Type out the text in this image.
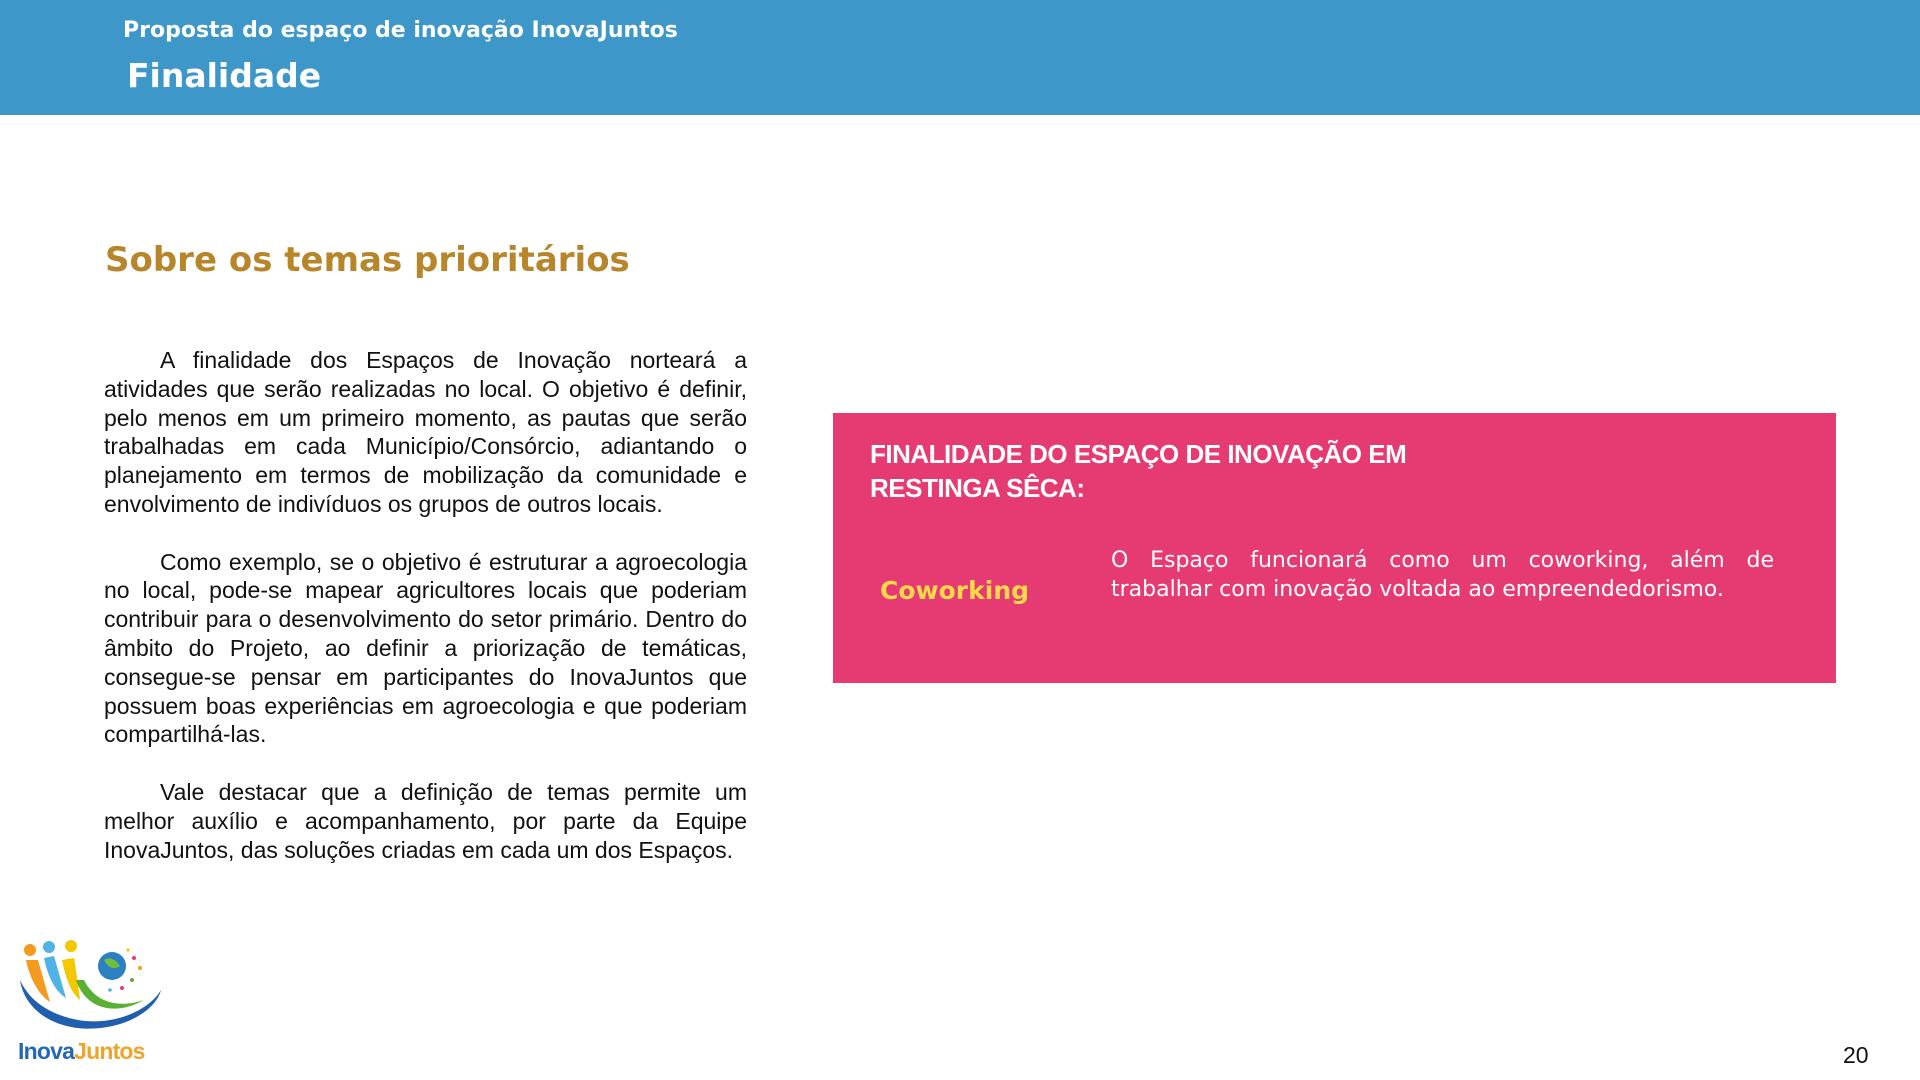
Proposta do espaço de inovação InovaJuntos
Finalidade
Sobre os temas prioritários

A finalidade dos Espaços de Inovação norteará a atividades que serão realizadas no local. O objetivo é definir, pelo menos em um primeiro momento, as pautas que serão trabalhadas em cada Município/Consórcio, adiantando o planejamento em termos de mobilização da comunidade e envolvimento de indivíduos os grupos de outros locais.

Como exemplo, se o objetivo é estruturar a agroecologia no local, pode-se mapear agricultores locais que poderiam contribuir para o desenvolvimento do setor primário. Dentro do âmbito do Projeto, ao definir a priorização de temáticas, consegue-se pensar em participantes do InovaJuntos que possuem boas experiências em agroecologia e que poderiam compartilhá-las.

Vale destacar que a definição de temas permite um melhor auxílio e acompanhamento, por parte da Equipe InovaJuntos, das soluções criadas em cada um dos Espaços.

FINALIDADE DO ESPAÇO DE INOVAÇÃO EM RESTINGA SÊCA:
Coworking
O Espaço funcionará como um coworking, além de trabalhar com inovação voltada ao empreendedorismo.
InovaJuntos	20
